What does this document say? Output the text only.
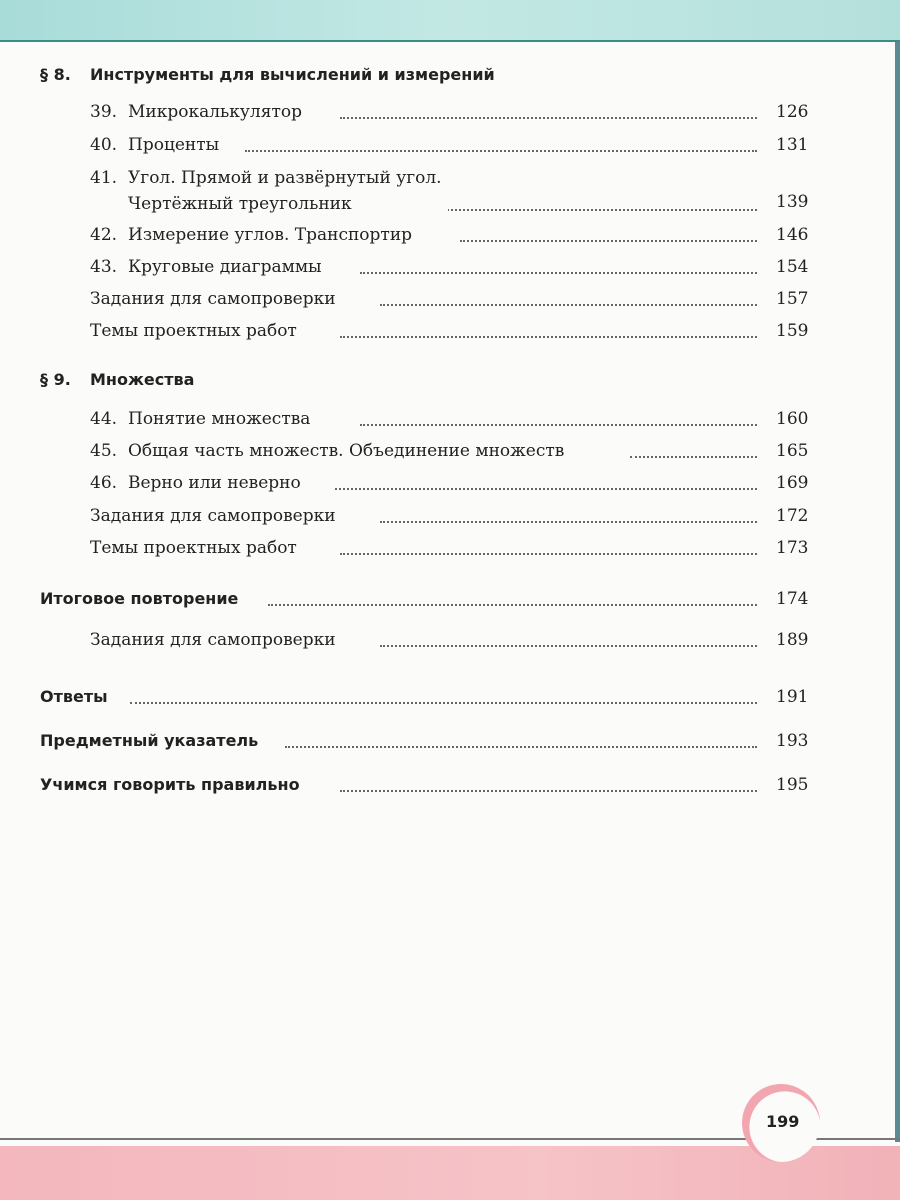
§ 8. Инструменты для вычислений и измерений
39. Микрокалькулятор	126
40. Проценты	131
41. Угол. Прямой и развёрнутый угол.
Чертёжный треугольник	139
42. Измерение углов. Транспортир	146
43. Круговые диаграммы	154
Задания для самопроверки	157
Темы проектных работ	159
§ 9. Множества
44. Понятие множества	160
45. Общая часть множеств. Объединение множеств	165
46. Верно или неверно	169
Задания для самопроверки	172
Темы проектных работ	173
Итоговое повторение	174
Задания для самопроверки	189
Ответы	191
Предметный указатель	193
Учимся говорить правильно	195
199
